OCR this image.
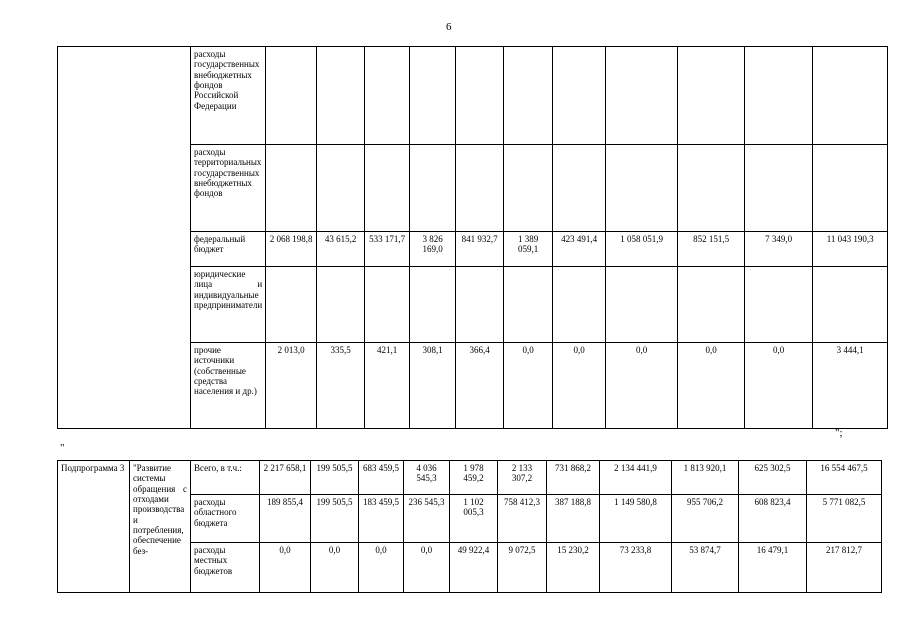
6
	расходы государственных внебюджетных фондов Российской Федерации											
	расходы территориальных государственных внебюджетных фондов											
	федеральный бюджет	2 068 198,8	43 615,2	533 171,7	3 826 169,0	841 932,7	1 389 059,1	423 491,4	1 058 051,9	852 151,5	7 349,0	11 043 190,3
	юридические лица и индивидуальные предприниматели											
	прочие источники (собственные средства населения и др.)	2 013,0	335,5	421,1	308,1	366,4	0,0	0,0	0,0	0,0	0,0	3 444,1
";
"
Подпрограмма 3	"Развитие системы обращения с отходами производства и потребления, обеспечение без-	Всего, в т.ч.:	2 217 658,1	199 505,5	683 459,5	4 036 545,3	1 978 459,2	2 133 307,2	731 868,2	2 134 441,9	1 813 920,1	625 302,5	16 554 467,5
		расходы областного бюджета	189 855,4	199 505,5	183 459,5	236 545,3	1 102 005,3	758 412,3	387 188,8	1 149 580,8	955 706,2	608 823,4	5 771 082,5
		расходы местных бюджетов	0,0	0,0	0,0	0,0	49 922,4	9 072,5	15 230,2	73 233,8	53 874,7	16 479,1	217 812,7
